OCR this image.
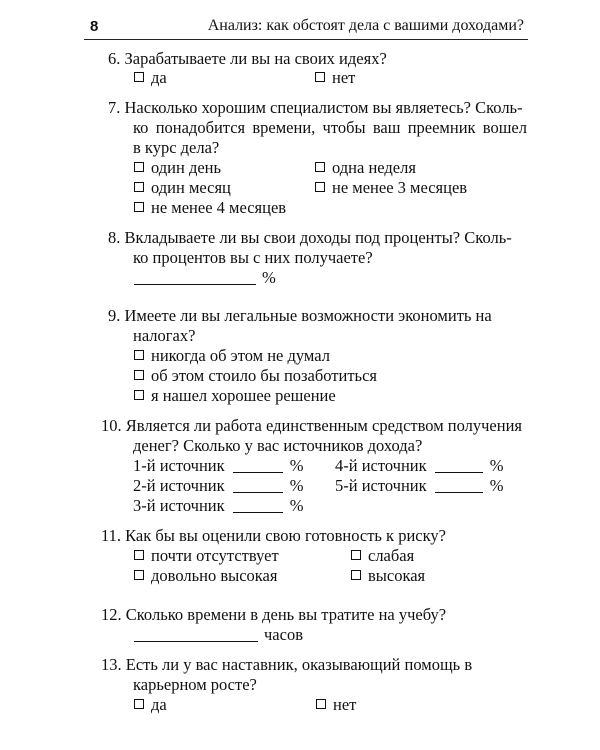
8	Анализ: как обстоят дела с вашими доходами?
6. Зарабатываете ли вы на своих идеях?
да	нет
7. Насколько хорошим специалистом вы являетесь? Сколь-
ко понадобится времени, чтобы ваш преемник вошел
в курс дела?
один день	одна неделя
один месяц	не менее 3 месяцев
не менее 4 месяцев
8. Вкладываете ли вы свои доходы под проценты? Сколь-
ко процентов вы с них получаете?
%
9. Имеете ли вы легальные возможности экономить на
налогах?
никогда об этом не думал
об этом стоило бы позаботиться
я нашел хорошее решение
10. Является ли работа единственным средством получения
денег? Сколько у вас источников дохода?
1-й источник	% 4-й источник	%
2-й источник	% 5-й источник	%
3-й источник	%
11. Как бы вы оценили свою готовность к риску?
почти отсутствует	слабая
довольно высокая	высокая
12. Сколько времени в день вы тратите на учебу?
часов
13. Есть ли у вас наставник, оказывающий помощь в
карьерном росте?
да	нет
